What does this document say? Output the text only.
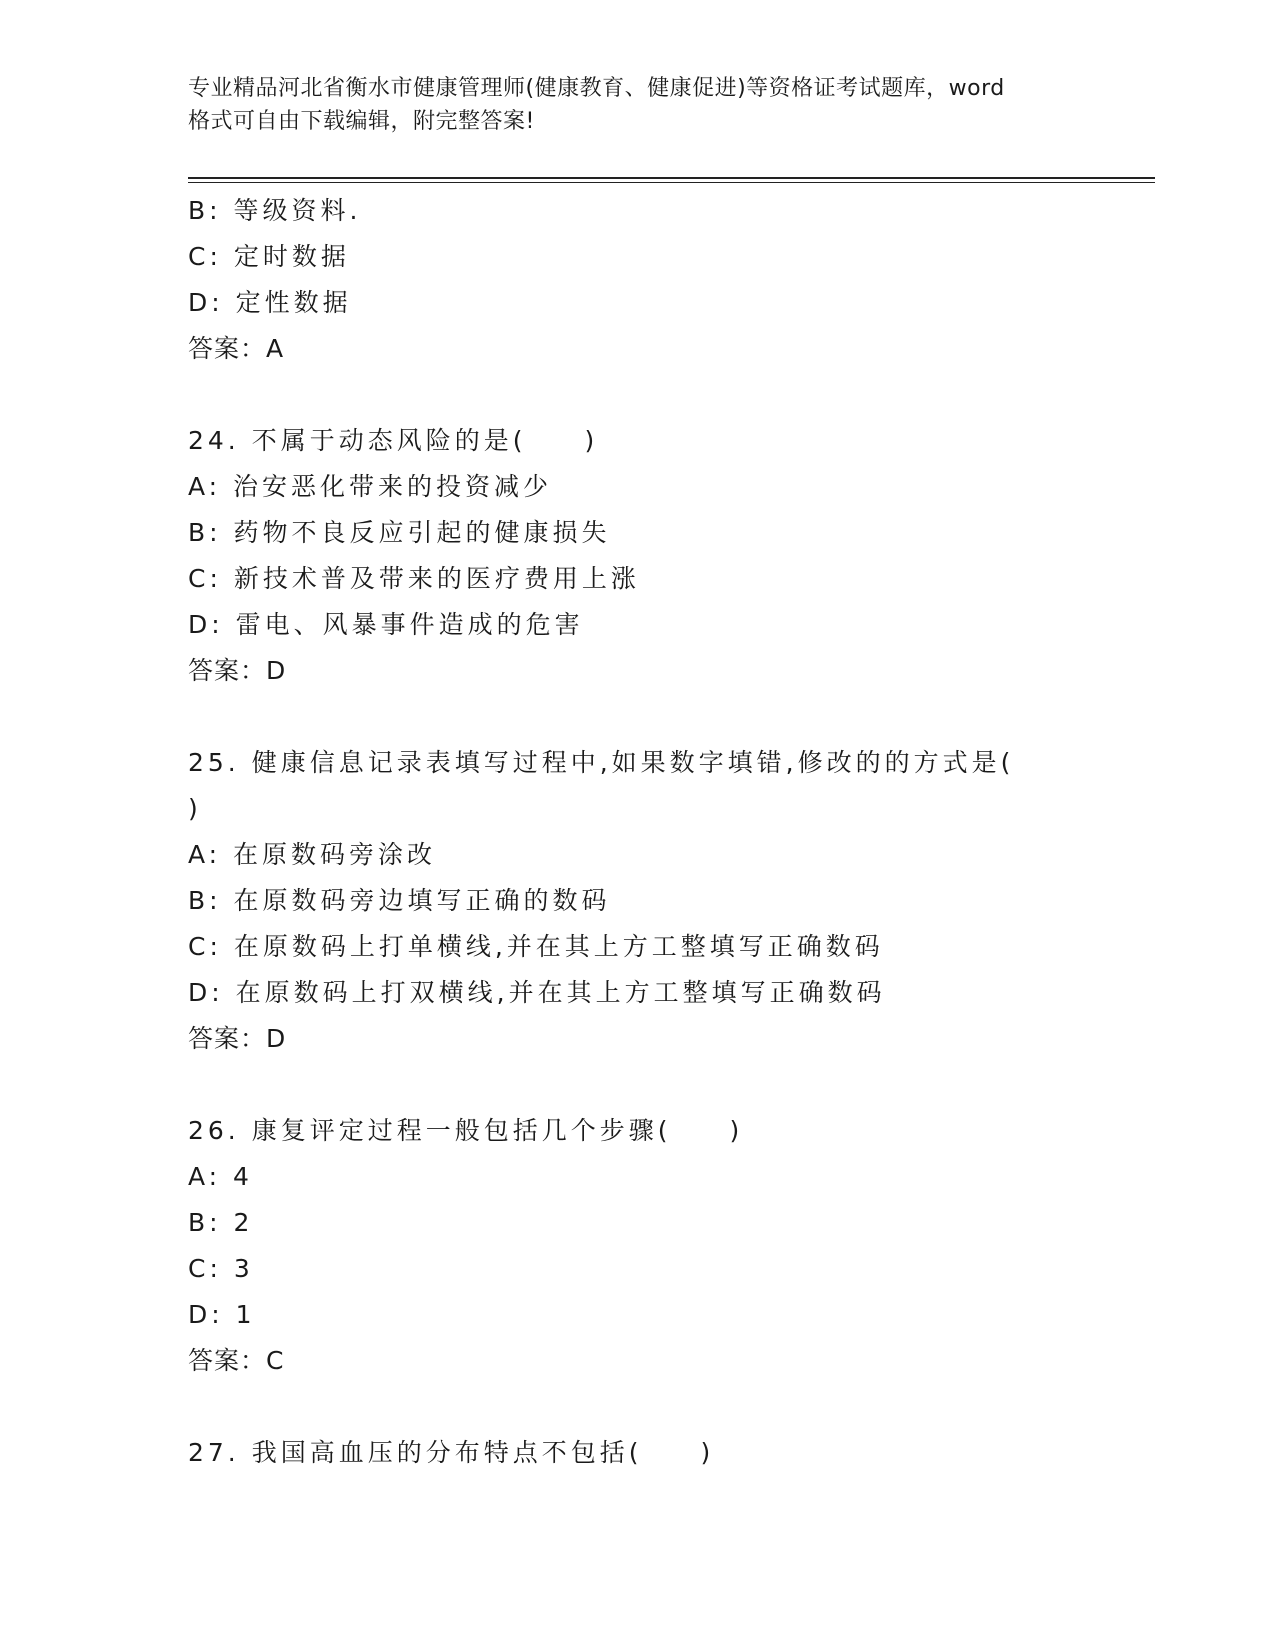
专业精品河北省衡水市健康管理师(健康教育、健康促进)等资格证考试题库，word
格式可自由下载编辑，附完整答案!
B: 等级资料.
C: 定时数据
D: 定性数据
答案：A
24. 不属于动态风险的是(　　)
A: 治安恶化带来的投资减少
B: 药物不良反应引起的健康损失
C: 新技术普及带来的医疗费用上涨
D: 雷电、风暴事件造成的危害
答案：D
25. 健康信息记录表填写过程中,如果数字填错,修改的的方式是(
)
A: 在原数码旁涂改
B: 在原数码旁边填写正确的数码
C: 在原数码上打单横线,并在其上方工整填写正确数码
D: 在原数码上打双横线,并在其上方工整填写正确数码
答案：D
26. 康复评定过程一般包括几个步骤(　　)
A: 4
B: 2
C: 3
D: 1
答案：C
27. 我国高血压的分布特点不包括(　　)
